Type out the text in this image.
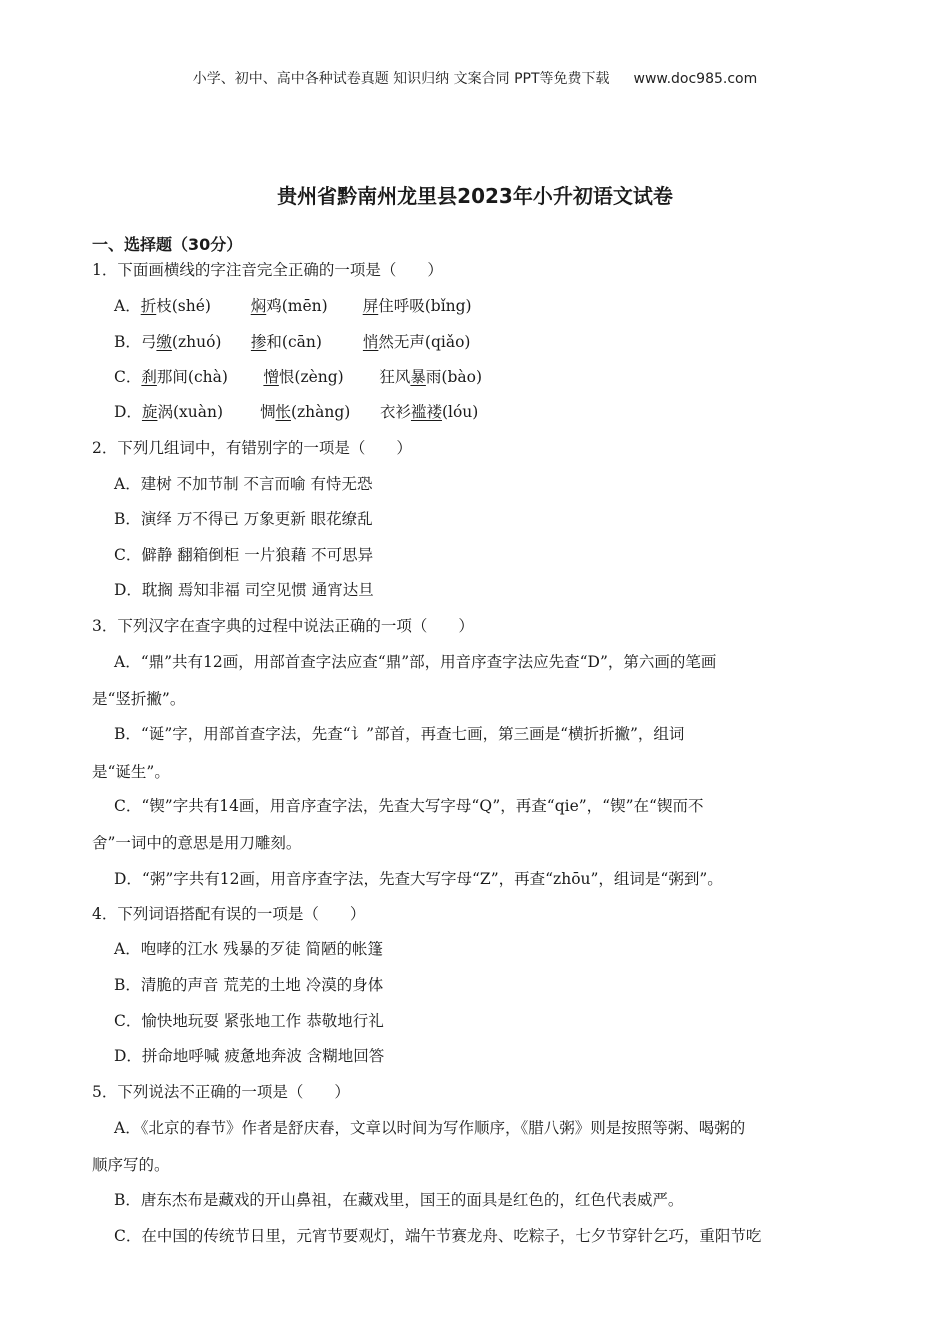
小学、初中、高中各种试卷真题 知识归纳 文案合同 PPT等免费下载 www.doc985.com
贵州省黔南州龙里县2023年小升初语文试卷
一、选择题（30分）
1．下面画横线的字注音完全正确的一项是（　　）
A．折枝(shé)	焖鸡(mēn) 屏住呼吸(bǐng)
B．弓缴(zhuó) 掺和(cān)	悄然无声(qiǎo)
C．刹那间(chà) 憎恨(zèng) 狂风暴雨(bào)
D．旋涡(xuàn) 惆怅(zhàng) 衣衫褴褛(lóu)
2．下列几组词中，有错别字的一项是（　　）
A．建树 不加节制 不言而喻 有恃无恐
B．演绎 万不得已 万象更新 眼花缭乱
C．僻静 翻箱倒柜 一片狼藉 不可思异
D．耽搁 焉知非福 司空见惯 通宵达旦
3．下列汉字在查字典的过程中说法正确的一项（　　）
A．“鼎”共有12画，用部首查字法应查“鼎”部，用音序查字法应先查“D”，第六画的笔画
是“竖折撇”。
B．“诞”字，用部首查字法，先查“讠”部首，再查七画，第三画是“横折折撇”，组词
是“诞生”。
C．“锲”字共有14画，用音序查字法，先查大写字母“Q”，再查“qie”，“锲”在“锲而不
舍”一词中的意思是用刀雕刻。
D．“粥”字共有12画，用音序查字法，先查大写字母“Z”，再查“zhōu”，组词是“粥到”。
4．下列词语搭配有误的一项是（　　）
A．咆哮的江水 残暴的歹徒 简陋的帐篷
B．清脆的声音 荒芜的土地 冷漠的身体
C．愉快地玩耍 紧张地工作 恭敬地行礼
D．拼命地呼喊 疲惫地奔波 含糊地回答
5．下列说法不正确的一项是（　　）
A．《北京的春节》作者是舒庆春，文章以时间为写作顺序，《腊八粥》则是按照等粥、喝粥的
顺序写的。
B．唐东杰布是藏戏的开山鼻祖，在藏戏里，国王的面具是红色的，红色代表威严。
C．在中国的传统节日里，元宵节要观灯，端午节赛龙舟、吃粽子，七夕节穿针乞巧，重阳节吃
